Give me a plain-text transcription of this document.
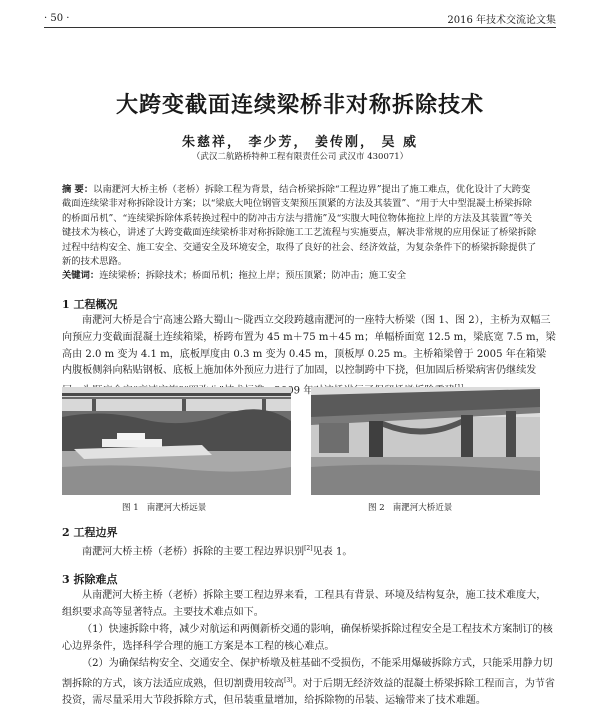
· 50 ·	2016 年技术交流论文集
大跨变截面连续梁桥非对称拆除技术
朱慈祥， 李少芳， 姜传刚， 吴 威
（武汉二航路桥特种工程有限责任公司 武汉市 430071）
摘 要：以南淝河大桥主桥（老桥）拆除工程为背景，结合桥梁拆除“工程边界”提出了施工难点，优化设计了大跨变截面连续梁非对称拆除设计方案；以“梁底大吨位钢管支架预压顶紧的方法及其装置”、“用于大中型混凝土桥梁拆除的桥面吊机”、“连续梁拆除体系转换过程中的防冲击方法与措施”及“实腹大吨位物体拖拉上岸的方法及其装置”等关键技术为核心，讲述了大跨变截面连续梁桥非对称拆除施工工艺流程与实施要点，解决非常规的应用保证了桥梁拆除过程中结构安全、施工安全、交通安全及环境安全，取得了良好的社会、经济效益，为复杂条件下的桥梁拆除提供了新的技术思路。
关键词：连续梁桥；拆除技术；桥面吊机；拖拉上岸；预压顶紧；防冲击；施工安全
1 工程概况
南淝河大桥是合宁高速公路大蜀山～陇西立交段跨越南淝河的一座特大桥梁（图 1、图 2），主桥为双幅三向预应力变截面混凝土连续箱梁，桥跨布置为 45 m＋75 m＋45 m；单幅桥面宽 12.5 m，梁底宽 7.5 m，梁高由 2.0 m 变为 4.1 m，底板厚度由 0.3 m 变为 0.45 m，顶板厚 0.25 m。主桥箱梁曾于 2005 年在箱梁内腹板侧斜向粘贴钢板、底板上施加体外预应力进行了加固，以控制跨中下挠，但加固后桥梁病害仍继续发 09
图 1 南淝河大桥远景	图 2 南淝河大桥近景
2 工程边界
南淝河大桥主桥（老桥）拆除的主要工程边界识别[2]见表 1。
3 拆除难点
从南淝河大桥主桥（老桥）拆除主要工程边界来看，工程具有背景、环境及结构复杂，施工技术难度大，组织要求高等显著特点。主要技术难点如下。
（1）快速拆除中将，减少对航运和两侧新桥交通的影响，确保桥梁拆除过程安全是工程技术方案制订的核心边界条件，选择科学合理的施工方案是本工程的核心难点。
（2）为确保结构安全、交通安全、保护桥墩及桩基础不受损伤，不能采用爆破拆除方式，只能采用静力切割拆除的方式，该方法适应成熟，但切割费用较高[3]。对于后期无经济效益的混凝土桥梁拆除工程而言，为节省投资，需尽量采用大节段拆除方式，但吊装重量增加，给拆除物的吊装、运输带来了技术难题。
